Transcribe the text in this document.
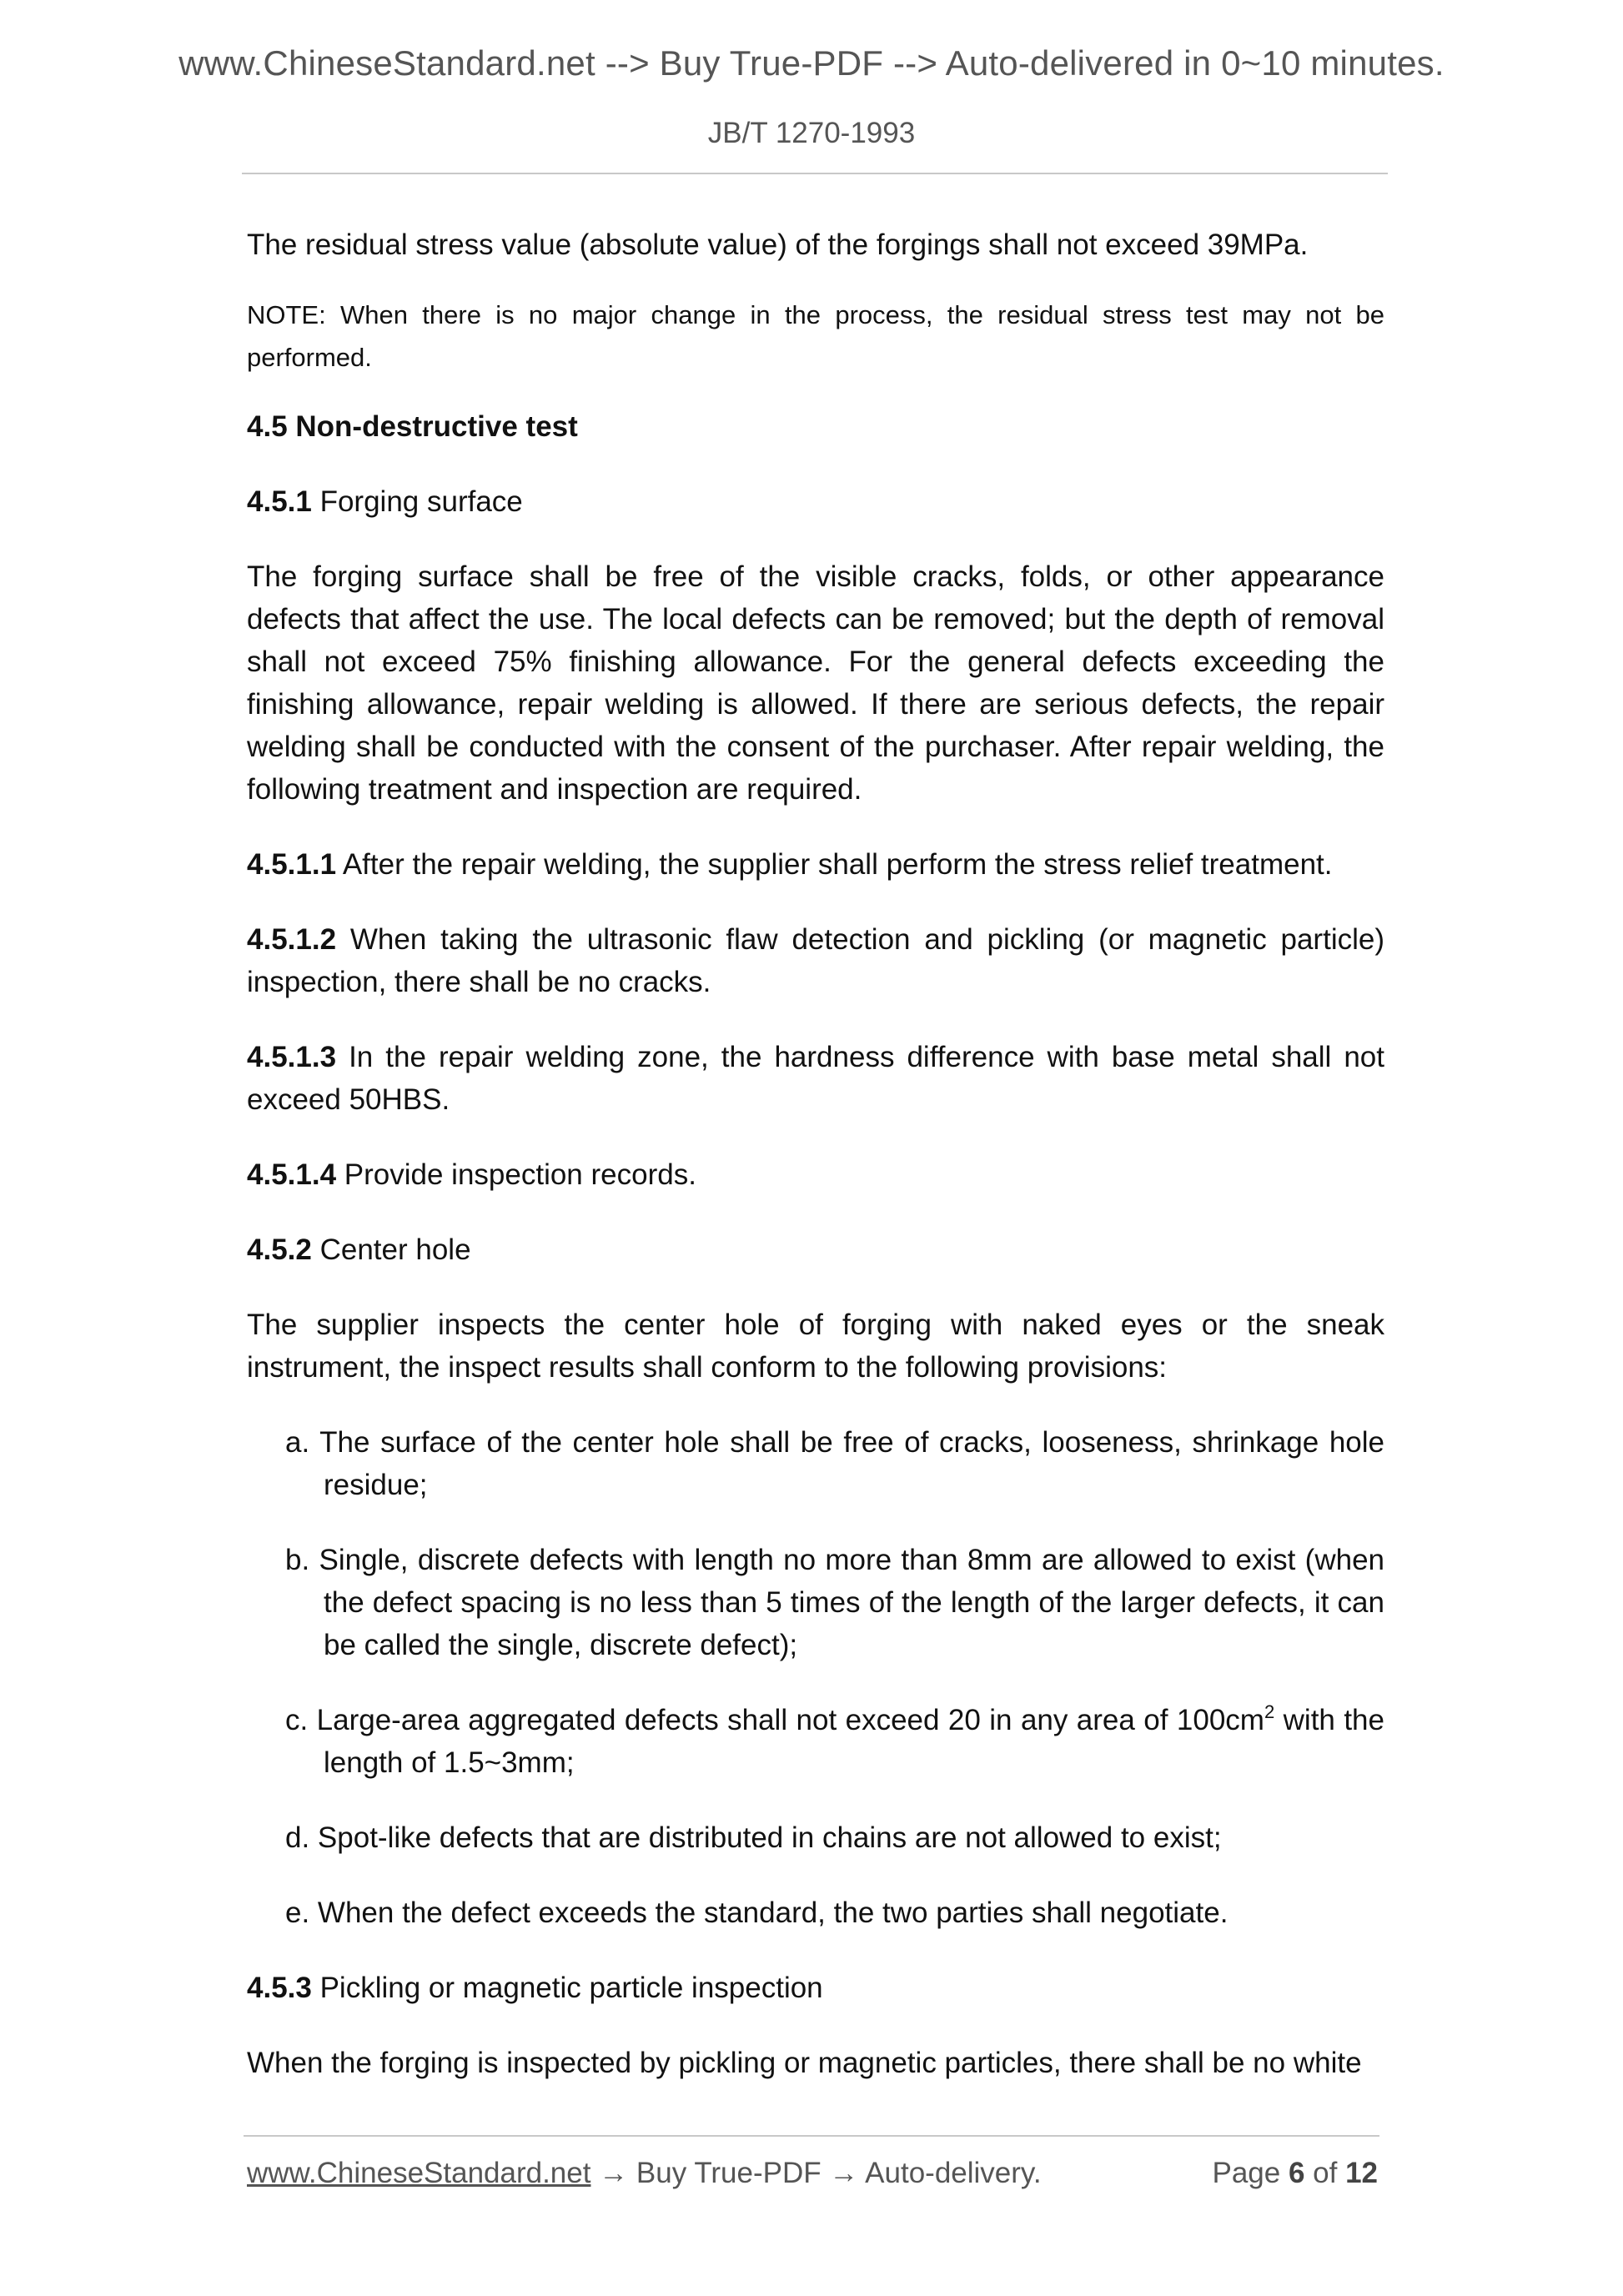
www.ChineseStandard.net --> Buy True-PDF --> Auto-delivered in 0~10 minutes.
JB/T 1270-1993

The residual stress value (absolute value) of the forgings shall not exceed 39MPa.

NOTE: When there is no major change in the process, the residual stress test may not be performed.

4.5 Non-destructive test

4.5.1 Forging surface

The forging surface shall be free of the visible cracks, folds, or other appearance defects that affect the use. The local defects can be removed; but the depth of removal shall not exceed 75% finishing allowance. For the general defects exceeding the finishing allowance, repair welding is allowed. If there are serious defects, the repair welding shall be conducted with the consent of the purchaser. After repair welding, the following treatment and inspection are required.

4.5.1.1 After the repair welding, the supplier shall perform the stress relief treatment.

4.5.1.2 When taking the ultrasonic flaw detection and pickling (or magnetic particle) inspection, there shall be no cracks.

4.5.1.3 In the repair welding zone, the hardness difference with base metal shall not exceed 50HBS.

4.5.1.4 Provide inspection records.

4.5.2 Center hole

The supplier inspects the center hole of forging with naked eyes or the sneak instrument, the inspect results shall conform to the following provisions:

a. The surface of the center hole shall be free of cracks, looseness, shrinkage hole residue;

b. Single, discrete defects with length no more than 8mm are allowed to exist (when the defect spacing is no less than 5 times of the length of the larger defects, it can be called the single, discrete defect);

c. Large-area aggregated defects shall not exceed 20 in any area of $100cm^2$ with the length of 1.5~3mm;

d. Spot-like defects that are distributed in chains are not allowed to exist;

e. When the defect exceeds the standard, the two parties shall negotiate.

4.5.3 Pickling or magnetic particle inspection

When the forging is inspected by pickling or magnetic particles, there shall be no white

www.ChineseStandard.net → Buy True-PDF → Auto-delivery.	Page 6 of 12
